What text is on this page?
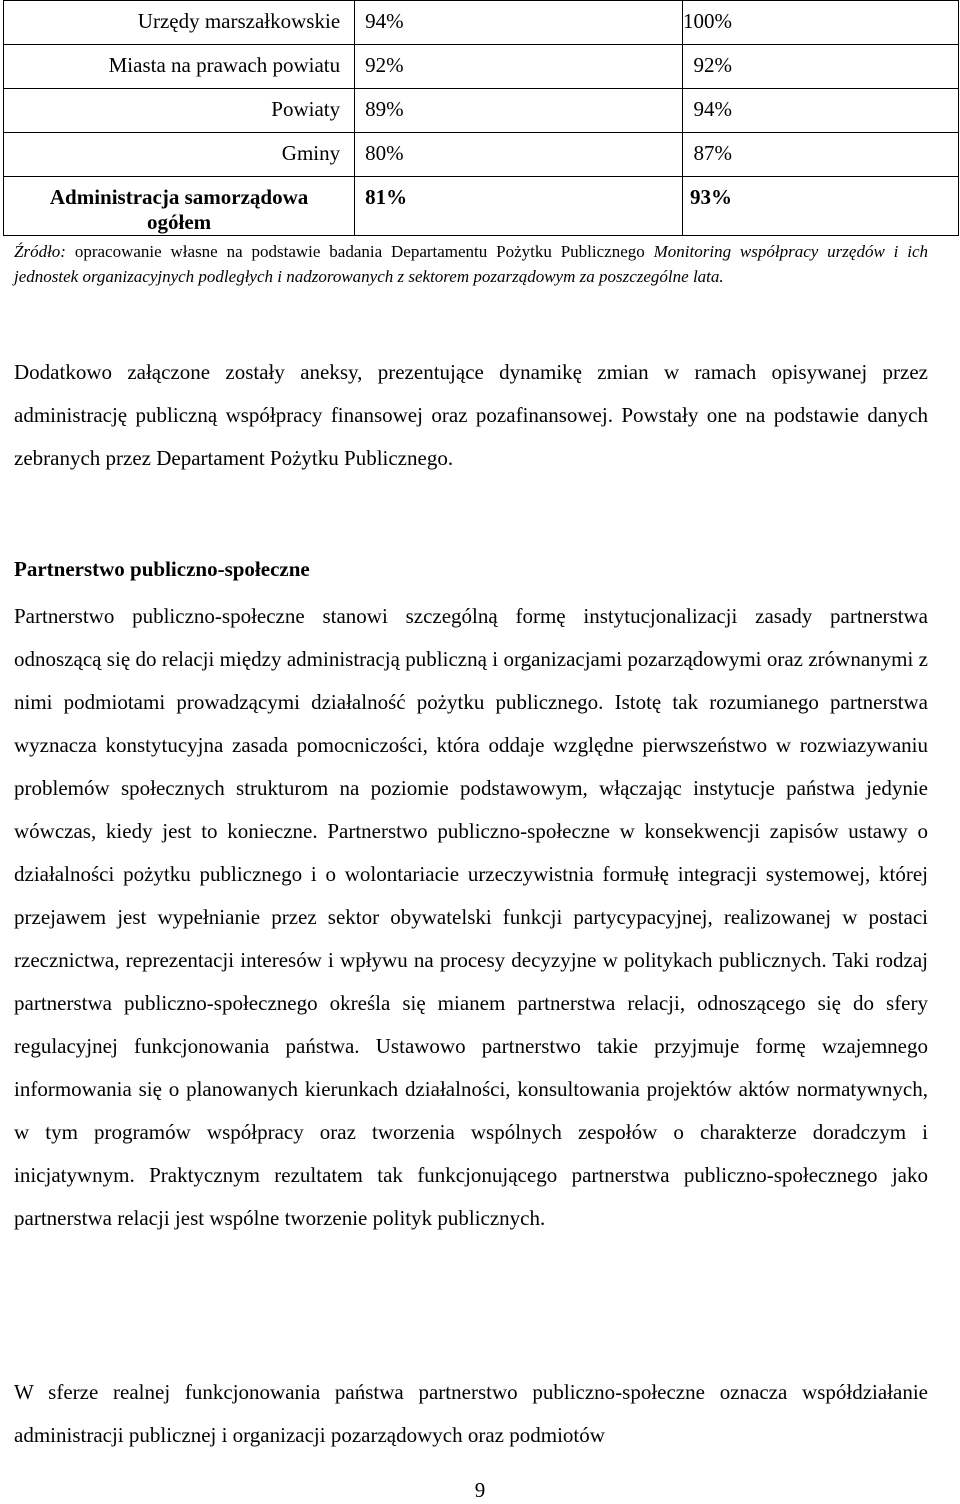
Urzędy marszałkowskie	94%	100%

Miasta na prawach powiatu	92%	92%

Powiaty	89%	94%

Gminy	80%	87%

Administracja samorządowa
ogółem	81%	93%

Źródło: opracowanie własne na podstawie badania Departamentu Pożytku Publicznego Monitoring współpracy urzędów i ich jednostek organizacyjnych podległych i nadzorowanych z sektorem pozarządowym za poszczególne lata.

Dodatkowo załączone zostały aneksy, prezentujące dynamikę zmian w ramach opisywanej przez administrację publiczną współpracy finansowej oraz pozafinansowej. Powstały one na podstawie danych zebranych przez Departament Pożytku Publicznego.

Partnerstwo publiczno-społeczne

Partnerstwo publiczno-społeczne stanowi szczególną formę instytucjonalizacji zasady partnerstwa odnoszącą się do relacji między administracją publiczną i organizacjami pozarządowymi oraz zrównanymi z nimi podmiotami prowadzącymi działalność pożytku publicznego. Istotę tak rozumianego partnerstwa wyznacza konstytucyjna zasada pomocniczości, która oddaje względne pierwszeństwo w rozwiazywaniu problemów społecznych strukturom na poziomie podstawowym, włączając instytucje państwa jedynie wówczas, kiedy jest to konieczne. Partnerstwo publiczno-społeczne w konsekwencji zapisów ustawy o działalności pożytku publicznego i o wolontariacie urzeczywistnia formułę integracji systemowej, której przejawem jest wypełnianie przez sektor obywatelski funkcji partycypacyjnej, realizowanej w postaci rzecznictwa, reprezentacji interesów i wpływu na procesy decyzyjne w politykach publicznych. Taki rodzaj partnerstwa publiczno-społecznego określa się mianem partnerstwa relacji, odnoszącego się do sfery regulacyjnej funkcjonowania państwa. Ustawowo partnerstwo takie przyjmuje formę wzajemnego informowania się o planowanych kierunkach działalności, konsultowania projektów aktów normatywnych, w tym programów współpracy oraz tworzenia wspólnych zespołów o charakterze doradczym i inicjatywnym. Praktycznym rezultatem tak funkcjonującego partnerstwa publiczno-społecznego jako partnerstwa relacji jest wspólne tworzenie polityk publicznych.

W sferze realnej funkcjonowania państwa partnerstwo publiczno-społeczne oznacza współdziałanie administracji publicznej i organizacji pozarządowych oraz podmiotów

9
